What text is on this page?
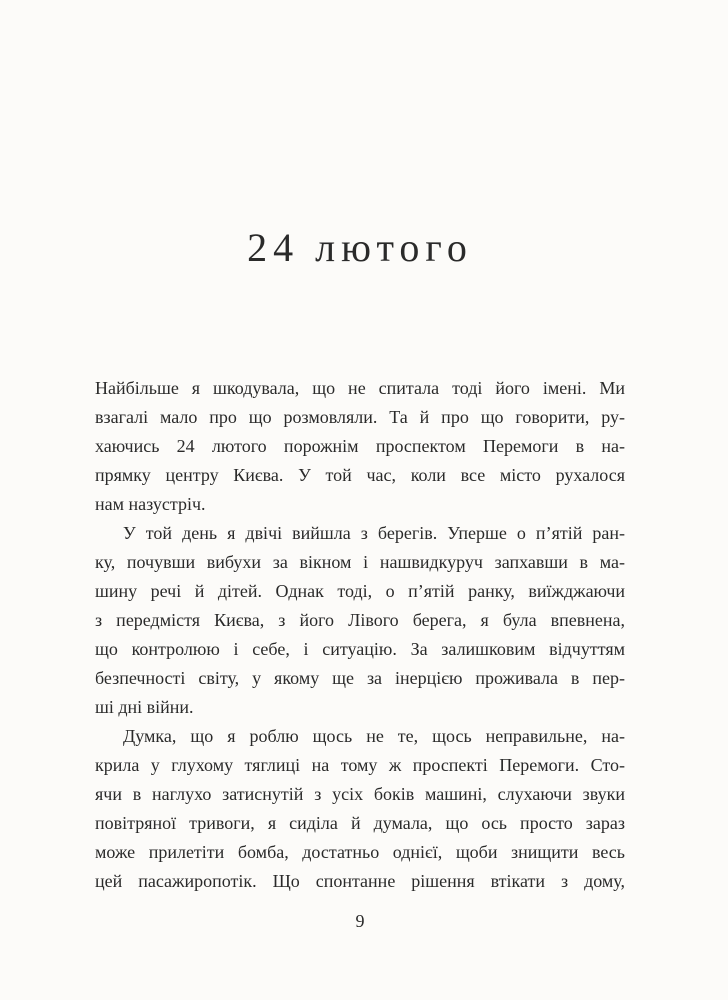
24 лютого
Найбільше я шкодувала, що не спитала тоді його імені. Ми
взагалі мало про що розмовляли. Та й про що говорити, ру-
хаючись 24 лютого порожнім проспектом Перемоги в на-
прямку центру Києва. У той час, коли все місто рухалося
нам назустріч.
У той день я двічі вийшла з берегів. Уперше о п’ятій ран-
ку, почувши вибухи за вікном і нашвидкуруч запхавши в ма-
шину речі й дітей. Однак тоді, о п’ятій ранку, виїжджаючи
з передмістя Києва, з його Лівого берега, я була впевнена,
що контролюю і себе, і ситуацію. За залишковим відчуттям
безпечності світу, у якому ще за інерцією проживала в пер-
ші дні війни.
Думка, що я роблю щось не те, щось неправильне, на-
крила у глухому тяглиці на тому ж проспекті Перемоги. Сто-
ячи в наглухо затиснутій з усіх боків машині, слухаючи звуки
повітряної тривоги, я сиділа й думала, що ось просто зараз
може прилетіти бомба, достатньо однієї, щоби знищити весь
цей пасажиропотік. Що спонтанне рішення втікати з дому,
9
